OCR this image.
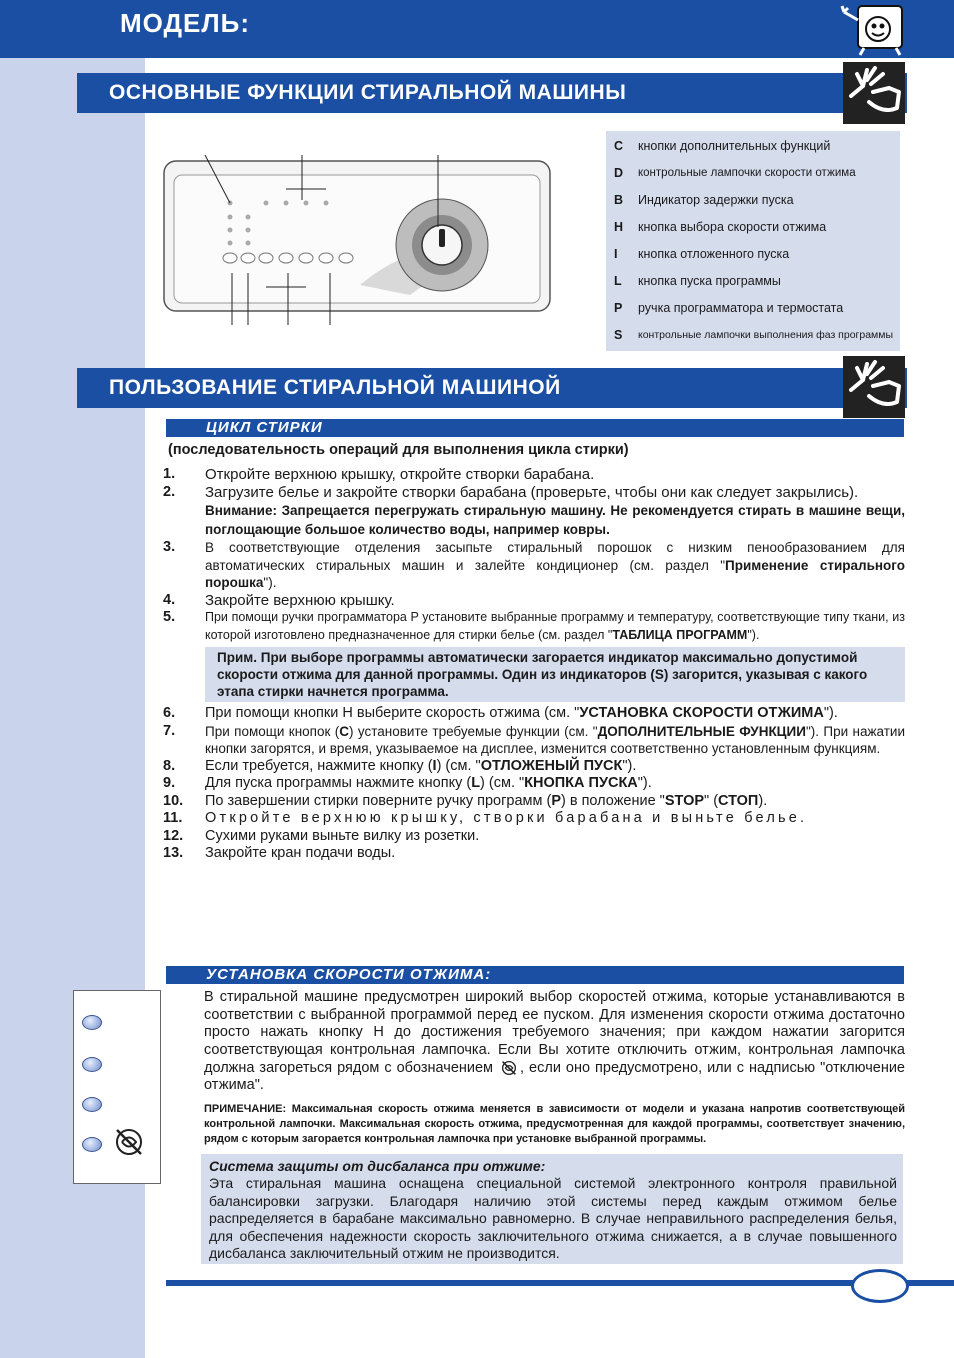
МОДЕЛЬ:
ОСНОВНЫЕ ФУНКЦИИ СТИРАЛЬНОЙ МАШИНЫ
C	кнопки дополнительных функций
D	контрольные лампочки скорости отжима
B	Индикатор задержки пуска
H	кнопка выбора скорости отжима
I	кнопка отложенного пуска
L	кнопка пуска программы
P	ручка программатора и термостата
S	контрольные лампочки выполнения фаз программы
ПОЛЬЗОВАНИЕ СТИРАЛЬНОЙ МАШИНОЙ
ЦИКЛ СТИРКИ
(последовательность операций для выполнения цикла стирки)
1.	Откройте верхнюю крышку, откройте створки барабана.
2.	Загрузите белье и закройте створки барабана (проверьте, чтобы они как следует закрылись).
Внимание: Запрещается перегружать стиральную машину. Не рекомендуется стирать в машине вещи, поглощающие большое количество воды, например ковры.
3.	В соответствующие отделения засыпьте стиральный порошок с низким пенообразованием для автоматических стиральных машин и залейте кондиционер (см. раздел "Применение стирального порошка").
4.	Закройте верхнюю крышку.
5.	При помощи ручки программатора P установите выбранные программу и температуру, соответствующие типу ткани, из которой изготовлено предназначенное для стирки белье (см. раздел "ТАБЛИЦА ПРОГРАММ").
Прим. При выборе программы автоматически загорается индикатор максимально допустимой скорости отжима для данной программы. Один из индикаторов (S) загорится, указывая с какого этапа стирки начнется программа.
6.	При помощи кнопки H выберите скорость отжима (см. "УСТАНОВКА СКОРОСТИ ОТЖИМА").
7.	При помощи кнопок (C) установите требуемые функции (см. "ДОПОЛНИТЕЛЬНЫЕ ФУНКЦИИ"). При нажатии кнопки загорятся, и время, указываемое на дисплее, изменится соответственно установленным функциям.
8.	Если требуется, нажмите кнопку (I) (см. "ОТЛОЖЕНЫЙ ПУСК").
9.	Для пуска программы нажмите кнопку (L) (см. "КНОПКА ПУСКА").
10.	По завершении стирки поверните ручку программ (P) в положение "STOP" (СТОП).
11.	Откройте верхнюю крышку, створки барабана и выньте белье.
12.	Сухими руками выньте вилку из розетки.
13.	Закройте кран подачи воды.
УСТАНОВКА СКОРОСТИ ОТЖИМА:
В стиральной машине предусмотрен широкий выбор скоростей отжима, которые устанавливаются в соответствии с выбранной программой перед ее пуском. Для изменения скорости отжима достаточно просто нажать кнопку H до достижения требуемого значения; при каждом нажатии загорится соответствующая контрольная лампочка. Если Вы хотите отключить отжим, контрольная лампочка должна загореться рядом с обозначением , если оно предусмотрено, или с надписью "отключение отжима".
ПРИМЕЧАНИЕ: Максимальная скорость отжима меняется в зависимости от модели и указана напротив соответствующей контрольной лампочки. Максимальная скорость отжима, предусмотренная для каждой программы, соответствует значению, рядом с которым загорается контрольная лампочка при установке выбранной программы.
Система защиты от дисбаланса при отжиме:
Эта стиральная машина оснащена специальной системой электронного контроля правильной балансировки загрузки. Благодаря наличию этой системы перед каждым отжимом белье распределяется в барабане максимально равномерно. В случае неправильного распределения белья, для обеспечения надежности скорость заключительного отжима снижается, а в случае повышенного дисбаланса заключительный отжим не производится.
